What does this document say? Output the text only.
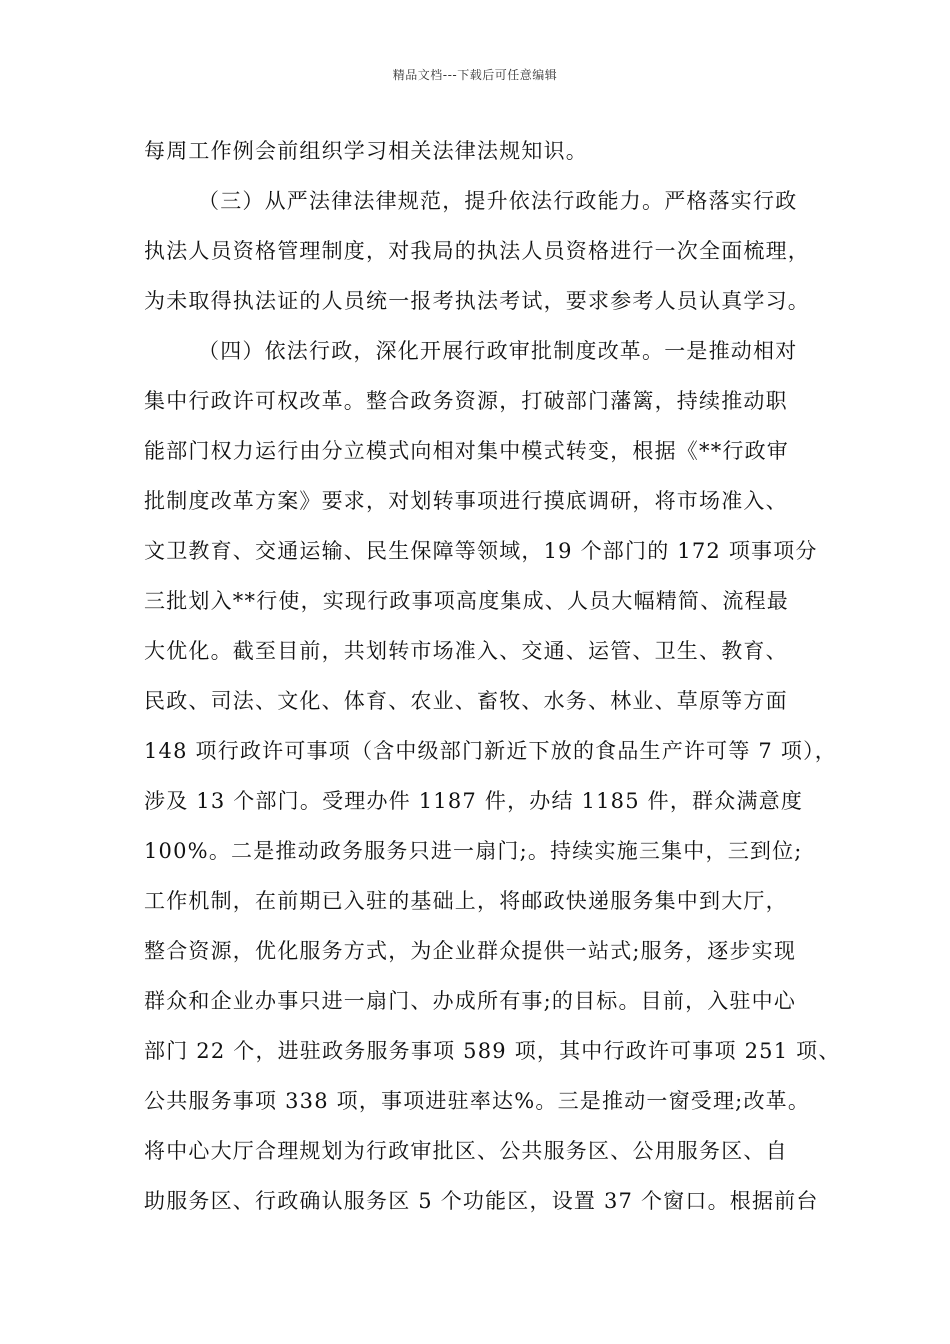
精品文档---下载后可任意编辑
每周工作例会前组织学习相关法律法规知识。
（三）从严法律法律规范，提升依法行政能力。严格落实行政
执法人员资格管理制度，对我局的执法人员资格进行一次全面梳理，
为未取得执法证的人员统一报考执法考试，要求参考人员认真学习。
（四）依法行政，深化开展行政审批制度改革。一是推动相对
集中行政许可权改革。整合政务资源，打破部门藩篱，持续推动职
能部门权力运行由分立模式向相对集中模式转变，根据《**行政审
批制度改革方案》要求，对划转事项进行摸底调研，将市场准入、
文卫教育、交通运输、民生保障等领域，19 个部门的 172 项事项分
三批划入**行使，实现行政事项高度集成、人员大幅精简、流程最
大优化。截至目前，共划转市场准入、交通、运管、卫生、教育、
民政、司法、文化、体育、农业、畜牧、水务、林业、草原等方面
148 项行政许可事项（含中级部门新近下放的食品生产许可等 7 项），
涉及 13 个部门。受理办件 1187 件，办结 1185 件，群众满意度
100%。二是推动政务服务只进一扇门;。持续实施三集中，三到位;
工作机制，在前期已入驻的基础上，将邮政快递服务集中到大厅，
整合资源，优化服务方式，为企业群众提供一站式;服务，逐步实现
群众和企业办事只进一扇门、办成所有事;的目标。目前，入驻中心
部门 22 个，进驻政务服务事项 589 项，其中行政许可事项 251 项、
公共服务事项 338 项，事项进驻率达%。三是推动一窗受理;改革。
将中心大厅合理规划为行政审批区、公共服务区、公用服务区、自
助服务区、行政确认服务区 5 个功能区，设置 37 个窗口。根据前台
